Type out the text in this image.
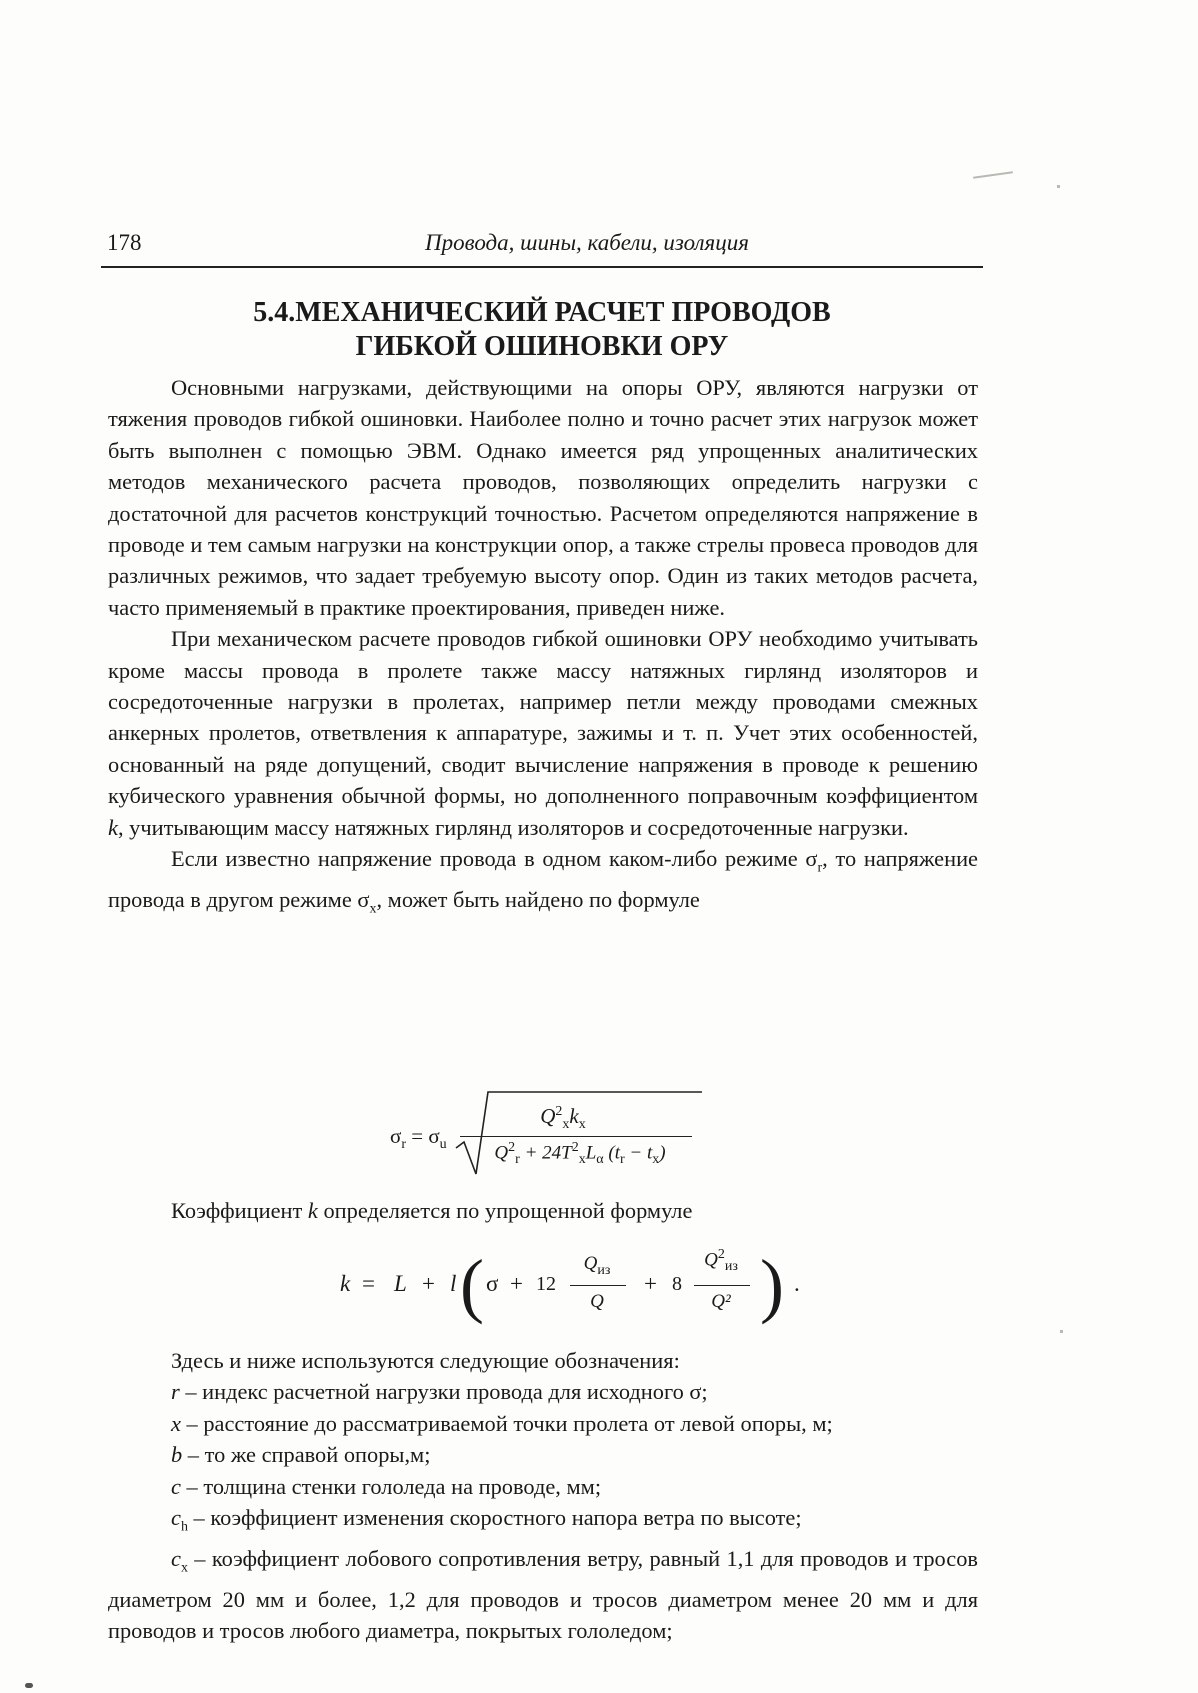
178	Провода, шины, кабели, изоляция
5.4.МЕХАНИЧЕСКИЙ РАСЧЕТ ПРОВОДОВ
ГИБКОЙ ОШИНОВКИ ОРУ

Основными нагрузками, действующими на опоры ОРУ, являются нагрузки от тяжения проводов гибкой ошиновки. Наиболее полно и точно расчет этих нагрузок может быть выполнен с помощью ЭВМ. Однако имеется ряд упрощенных аналитических методов механического расчета проводов, позволяющих определить нагрузки с достаточной для расчетов конструкций точностью. Расчетом определяются напряжение в проводе и тем самым нагрузки на конструкции опор, а также стрелы провеса проводов для различных режимов, что задает требуемую высоту опор. Один из таких методов расчета, часто применяемый в практике проектирования, приведен ниже.

При механическом расчете проводов гибкой ошиновки ОРУ необходимо учитывать кроме массы провода в пролете также массу натяжных гирлянд изоляторов и сосредоточенные нагрузки в пролетах, например петли между проводами смежных анкерных пролетов, ответвления к аппаратуре, зажимы и т. п. Учет этих особенностей, основанный на ряде допущений, сводит вычисление напряжения в проводе к решению кубического уравнения обычной формы, но дополненного поправочным коэффициентом k, учитывающим массу натяжных гирлянд изоляторов и сосредоточенные нагрузки.

Если известно напряжение провода в одном каком-либо режиме $\sigma_r$, то напряжение провода в другом режиме $\sigma_x$, может быть найдено по формуле

$\sigma_r = \sigma_u$
$Q^2_xk_x$
$Q^2_r + 24T^2_xL_\alpha$ $(t_r - t_x)$
Коэффициент k определяется по упрощенной формуле
k = L + l ( σ + 12
$Q_{из}$
Q
+ 8
$Q^2_{из}$
Q² ) .

Здесь и ниже используются следующие обозначения:

r – индекс расчетной нагрузки провода для исходного σ;

x – расстояние до рассматриваемой точки пролета от левой опоры, м;

b – то же справой опоры,м;

c – толщина стенки гололеда на проводе, мм;

$c_h$ – коэффициент изменения скоростного напора ветра по высоте;

$c_x$ – коэффициент лобового сопротивления ветру, равный 1,1 для проводов и тросов диаметром 20 мм и более, 1,2 для проводов и тросов диаметром менее 20 мм и для проводов и тросов любого диаметра, покрытых гололедом;
